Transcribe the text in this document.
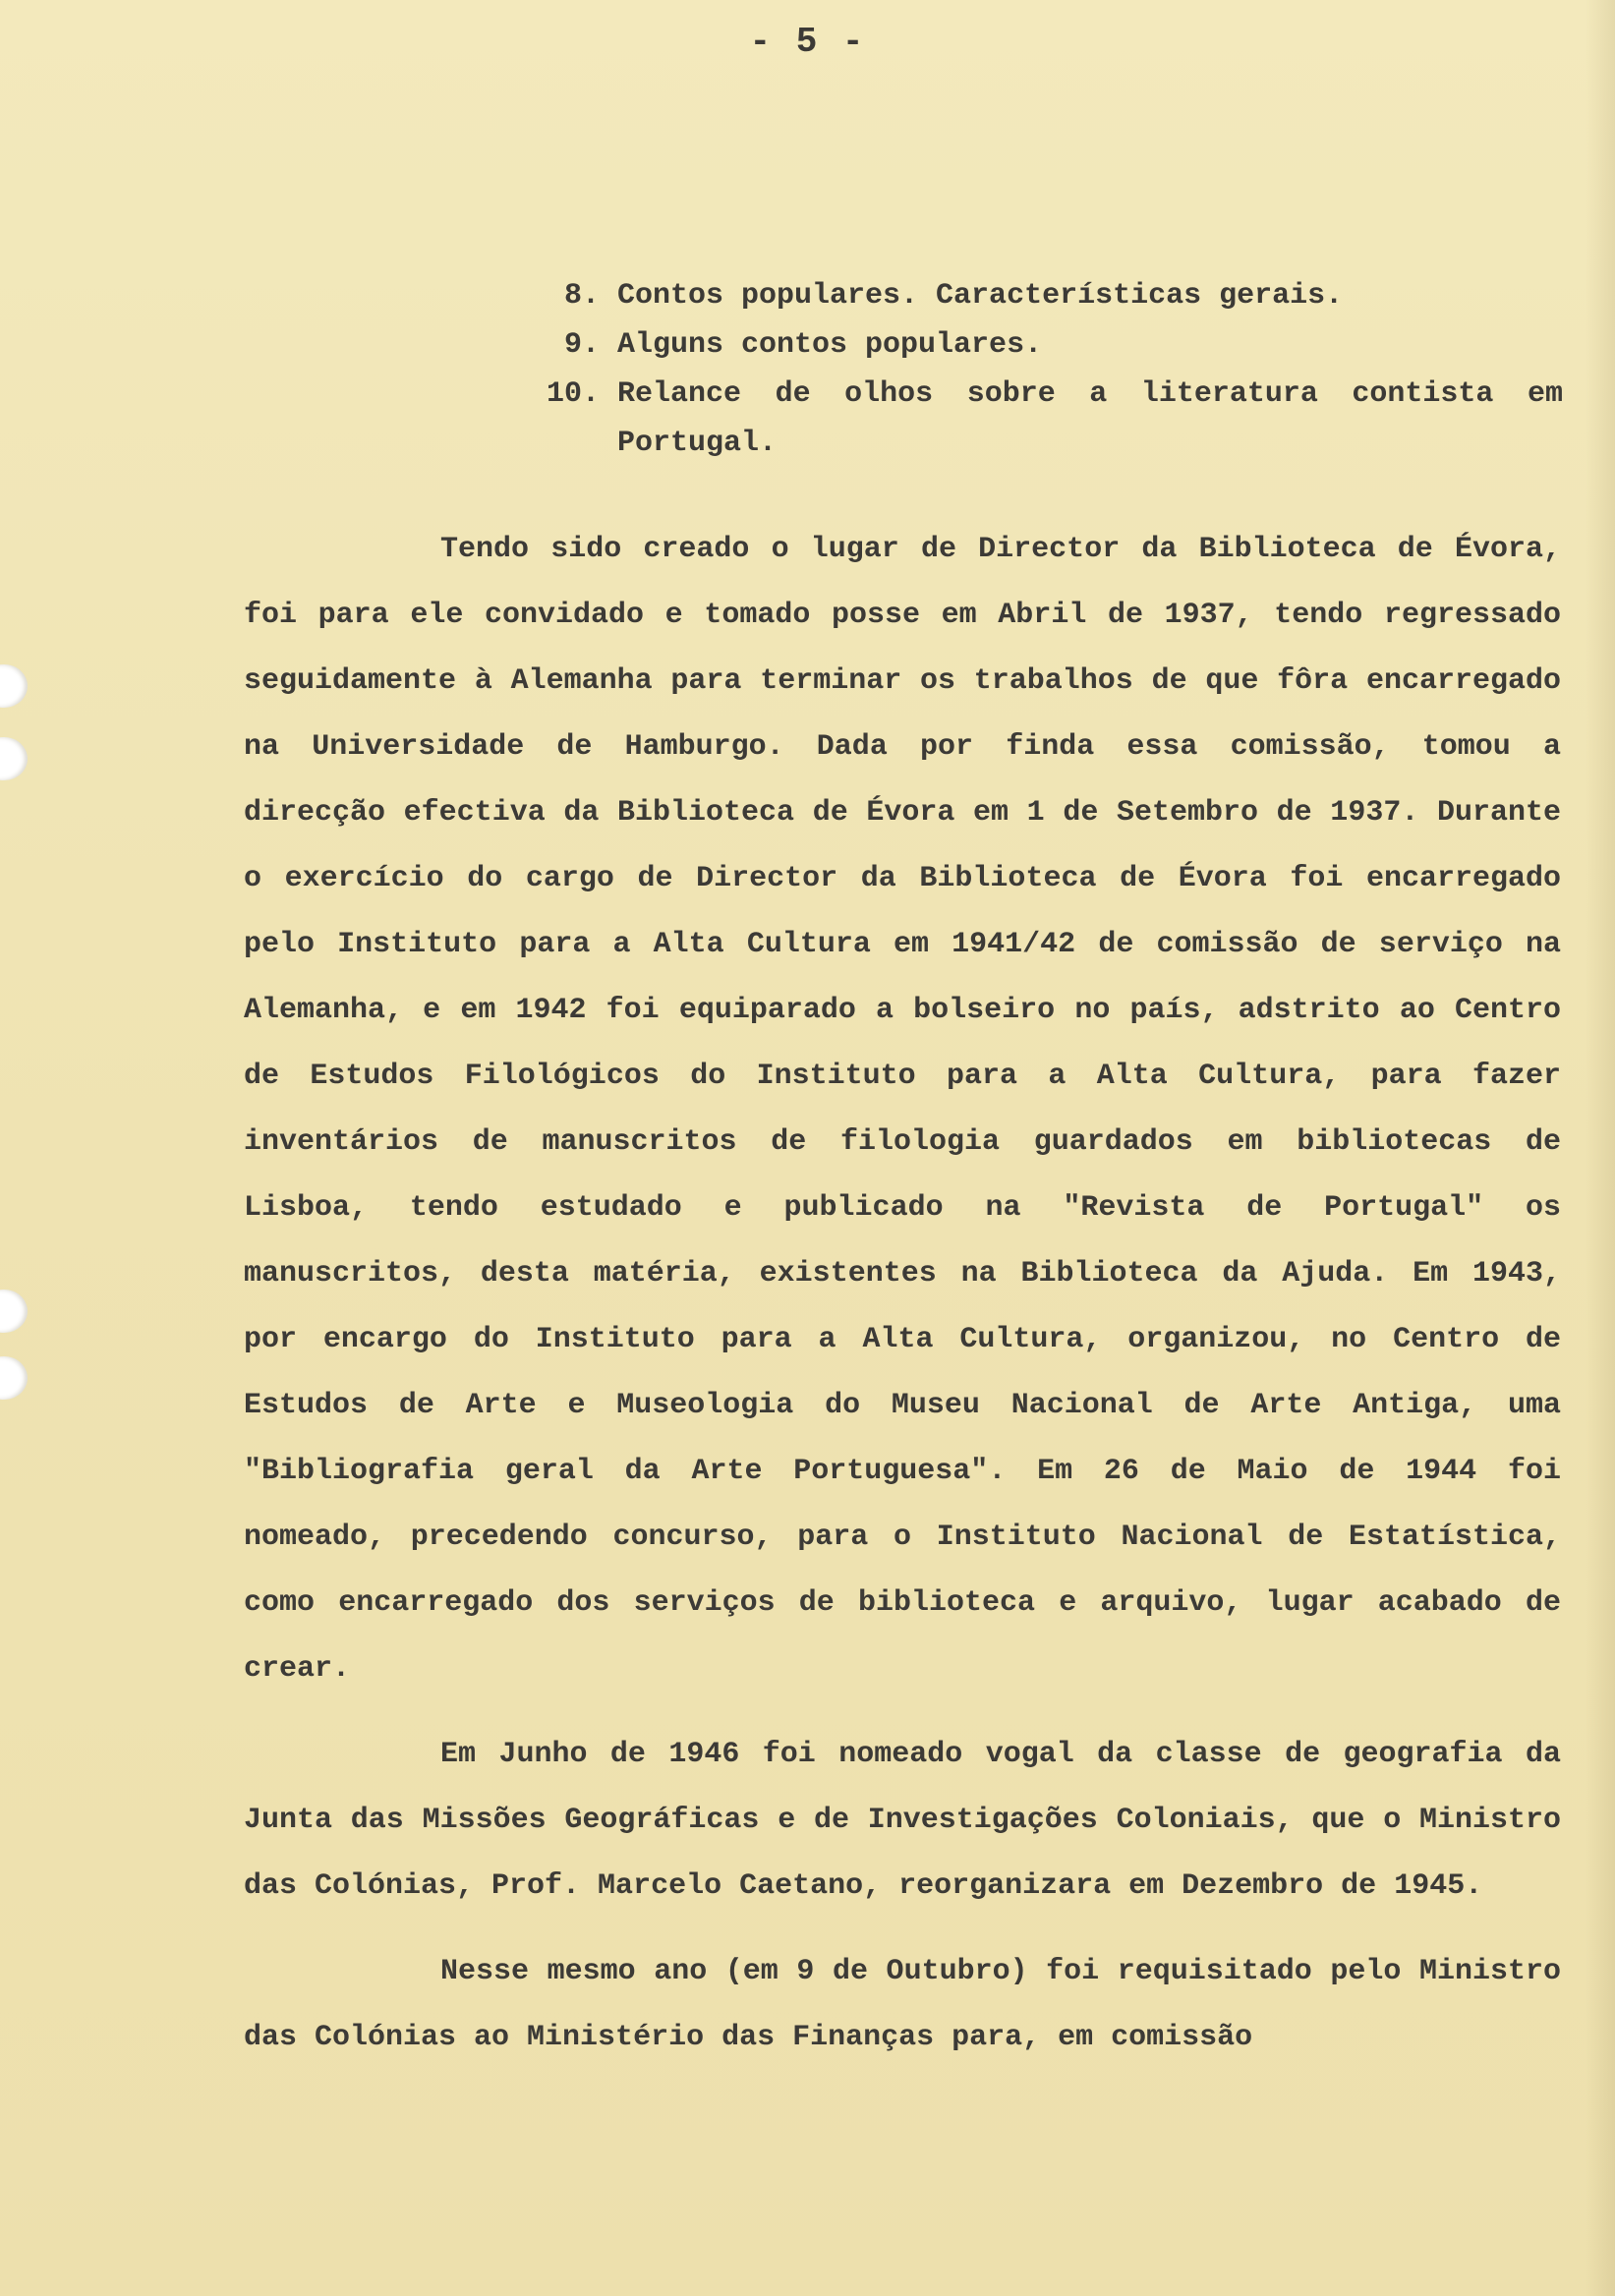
- 5 -
8. Contos populares. Características gerais.
9. Alguns contos populares.
10. Relance de olhos sobre a literatura contista em Portugal.

Tendo sido creado o lugar de Director da Biblioteca de Évora, foi para ele convidado e tomado posse em Abril de 1937, tendo regressado seguidamente à Alemanha para terminar os trabalhos de que fôra encarregado na Universidade de Hamburgo. Dada por finda essa comissão, tomou a direcção efectiva da Biblioteca de Évora em 1 de Setembro de 1937. Durante o exercício do cargo de Director da Biblioteca de Évora foi encarregado pelo Instituto para a Alta Cultura em 1941/42 de comissão de serviço na Alemanha, e em 1942 foi equiparado a bolseiro no país, adstrito ao Centro de Estudos Filológicos do Instituto para a Alta Cultura, para fazer inventários de manuscritos de filologia guardados em bibliotecas de Lisboa, tendo estudado e publicado na "Revista de Portugal" os manuscritos, desta matéria, existentes na Biblioteca da Ajuda. Em 1943, por encargo do Instituto para a Alta Cultura, organizou, no Centro de Estudos de Arte e Museologia do Museu Nacional de Arte Antiga, uma "Bibliografia geral da Arte Portuguesa". Em 26 de Maio de 1944 foi nomeado, precedendo concurso, para o Instituto Nacional de Estatística, como encarregado dos serviços de biblioteca e arquivo, lugar acabado de crear.

Em Junho de 1946 foi nomeado vogal da classe de geografia da Junta das Missões Geográficas e de Investigações Coloniais, que o Ministro das Colónias, Prof. Marcelo Caetano, reorganizara em Dezembro de 1945.

Nesse mesmo ano (em 9 de Outubro) foi requisitado pelo Ministro das Colónias ao Ministério das Finanças para, em comissão
